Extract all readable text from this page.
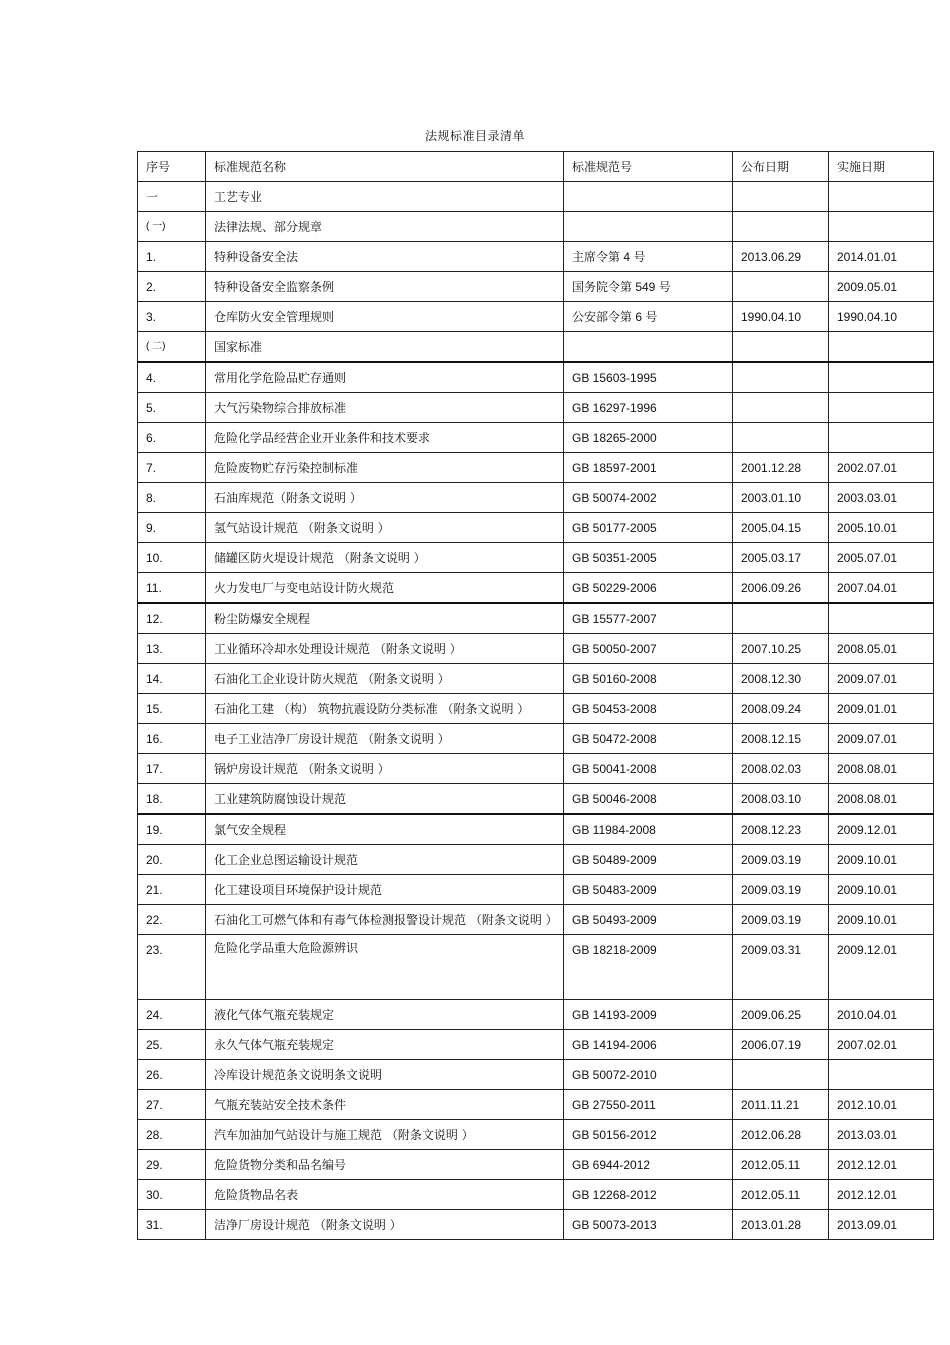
法规标准目录清单
序号	标准规范名称	标准规范号	公布日期	实施日期
一	工艺专业			
( 一)	法律法规、部分规章			
1.	特种设备安全法	主席令第 4 号	2013.06.29	2014.01.01
2.	特种设备安全监察条例	国务院令第 549 号		2009.05.01
3.	仓库防火安全管理规则	公安部令第 6 号	1990.04.10	1990.04.10
( 二)	国家标准			
4.	常用化学危险品贮存通则	GB 15603-1995		
5.	大气污染物综合排放标准	GB 16297-1996		
6.	危险化学品经营企业开业条件和技术要求	GB 18265-2000		
7.	危险废物贮存污染控制标准	GB 18597-2001	2001.12.28	2002.07.01
8.	石油库规范（附条文说明 ）	GB 50074-2002	2003.01.10	2003.03.01
9.	氢气站设计规范 （附条文说明 ）	GB 50177-2005	2005.04.15	2005.10.01
10.	储罐区防火堤设计规范 （附条文说明 ）	GB 50351-2005	2005.03.17	2005.07.01
11.	火力发电厂与变电站设计防火规范	GB 50229-2006	2006.09.26	2007.04.01
12.	粉尘防爆安全规程	GB 15577-2007		
13.	工业循环冷却水处理设计规范 （附条文说明 ）	GB 50050-2007	2007.10.25	2008.05.01
14.	石油化工企业设计防火规范 （附条文说明 ）	GB 50160-2008	2008.12.30	2009.07.01
15.	石油化工建 （构） 筑物抗震设防分类标准 （附条文说明 ）	GB 50453-2008	2008.09.24	2009.01.01
16.	电子工业洁净厂房设计规范 （附条文说明 ）	GB 50472-2008	2008.12.15	2009.07.01
17.	锅炉房设计规范 （附条文说明 ）	GB 50041-2008	2008.02.03	2008.08.01
18.	工业建筑防腐蚀设计规范	GB 50046-2008	2008.03.10	2008.08.01
19.	氯气安全规程	GB 11984-2008	2008.12.23	2009.12.01
20.	化工企业总图运输设计规范	GB 50489-2009	2009.03.19	2009.10.01
21.	化工建设项目环境保护设计规范	GB 50483-2009	2009.03.19	2009.10.01
22.	石油化工可燃气体和有毒气体检测报警设计规范 （附条文说明 ）	GB 50493-2009	2009.03.19	2009.10.01
23.	危险化学品重大危险源辨识	GB 18218-2009	2009.03.31	2009.12.01
24.	液化气体气瓶充装规定	GB 14193-2009	2009.06.25	2010.04.01
25.	永久气体气瓶充装规定	GB 14194-2006	2006.07.19	2007.02.01
26.	冷库设计规范条文说明条文说明	GB 50072-2010		
27.	气瓶充装站安全技术条件	GB 27550-2011	2011.11.21	2012.10.01
28.	汽车加油加气站设计与施工规范 （附条文说明 ）	GB 50156-2012	2012.06.28	2013.03.01
29.	危险货物分类和品名编号	GB 6944-2012	2012.05.11	2012.12.01
30.	危险货物品名表	GB 12268-2012	2012.05.11	2012.12.01
31.	洁净厂房设计规范 （附条文说明 ）	GB 50073-2013	2013.01.28	2013.09.01
